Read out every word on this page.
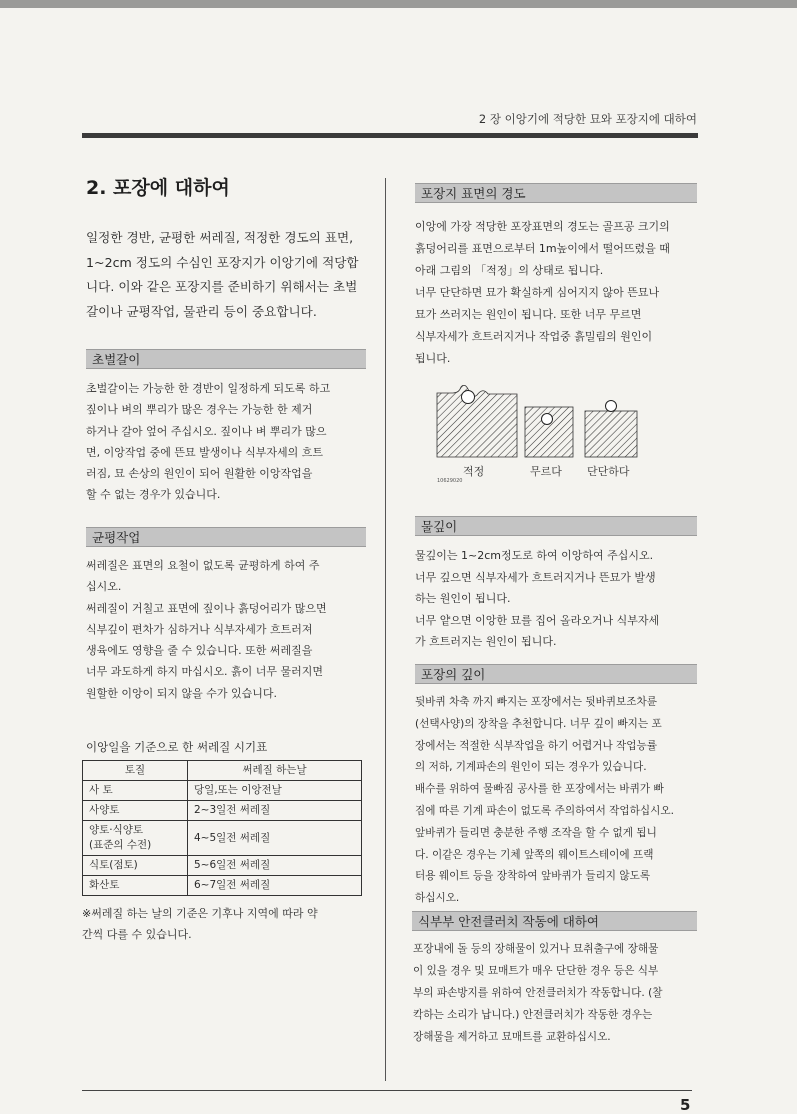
2 장 이앙기에 적당한 묘와 포장지에 대하여
2. 포장에 대하여

일정한 경반, 균평한 써레질, 적정한 경도의 표면,
1~2cm 정도의 수심인 포장지가 이앙기에 적당합
니다. 이와 같은 포장지를 준비하기 위해서는 초벌
갈이나 균평작업, 물관리 등이 중요합니다.

초벌갈이

초벌갈이는 가능한 한 경반이 일정하게 되도록 하고
짚이나 벼의 뿌리가 많은 경우는 가능한 한 제거
하거나 갈아 엎어 주십시오. 짚이나 벼 뿌리가 많으
면, 이앙작업 중에 뜬묘 발생이나 식부자세의 흐트
러짐, 묘 손상의 원인이 되어 원활한 이앙작업을
할 수 없는 경우가 있습니다.

균평작업

써레질은 표면의 요철이 없도록 균평하게 하여 주
십시오.
써레질이 거칠고 표면에 짚이나 흙덩어리가 많으면
식부깊이 편차가 심하거나 식부자세가 흐트러져
생육에도 영향을 줄 수 있습니다. 또한 써레질을
너무 과도하게 하지 마십시오. 흙이 너무 물러지면
원할한 이앙이 되지 않을 수가 있습니다.

이앙일을 기준으로 한 써레질 시기표
토질	써레질 하는날
사 토	당일,또는 이앙전날
사양토	2~3일전 써레질
양토·식양토
(표준의 수전)	4~5일전 써레질
식토(점토)	5~6일전 써레질
화산토	6~7일전 써레질

※써레질 하는 날의 기준은 기후나 지역에 따라 약
간씩 다를 수 있습니다.

포장지 표면의 경도

이앙에 가장 적당한 포장표면의 경도는 골프공 크기의
흙덩어리를 표면으로부터 1m높이에서 떨어뜨렸을 때
아래 그림의 「적정」의 상태로 됩니다.
너무 단단하면 묘가 확실하게 심어지지 않아 뜬묘나
묘가 쓰러지는 원인이 됩니다. 또한 너무 무르면
식부자세가 흐트러지거나 작업중 흙밀림의 원인이
됩니다.

적정	무르다 단단하다
10629020
물깊이

물깊이는 1~2cm정도로 하여 이앙하여 주십시오.
너무 깊으면 식부자세가 흐트러지거나 뜬묘가 발생
하는 원인이 됩니다.
너무 얕으면 이앙한 묘를 집어 올라오거나 식부자세
가 흐트러지는 원인이 됩니다.

포장의 깊이

뒷바퀴 차축 까지 빠지는 포장에서는 뒷바퀴보조차륜
(선택사양)의 장착을 추천합니다. 너무 깊이 빠지는 포
장에서는 적절한 식부작업을 하기 어렵거나 작업능률
의 저하, 기계파손의 원인이 되는 경우가 있습니다.
배수를 위하여 물빠짐 공사를 한 포장에서는 바퀴가 빠
짐에 따른 기계 파손이 없도록 주의하여서 작업하십시오.
앞바퀴가 들리면 충분한 주행 조작을 할 수 없게 됩니
다. 이같은 경우는 기체 앞쪽의 웨이트스테이에 프랙
터용 웨이트 등을 장착하여 앞바퀴가 들리지 않도록
하십시오.

식부부 안전클러치 작동에 대하여

포장내에 돌 등의 장해물이 있거나 묘취출구에 장해물
이 있을 경우 및 묘매트가 매우 단단한 경우 등은 식부
부의 파손방지를 위하여 안전클러치가 작동합니다. (찰
칵하는 소리가 납니다.) 안전클러치가 작동한 경우는
장해물을 제거하고 묘매트를 교환하십시오.

5
